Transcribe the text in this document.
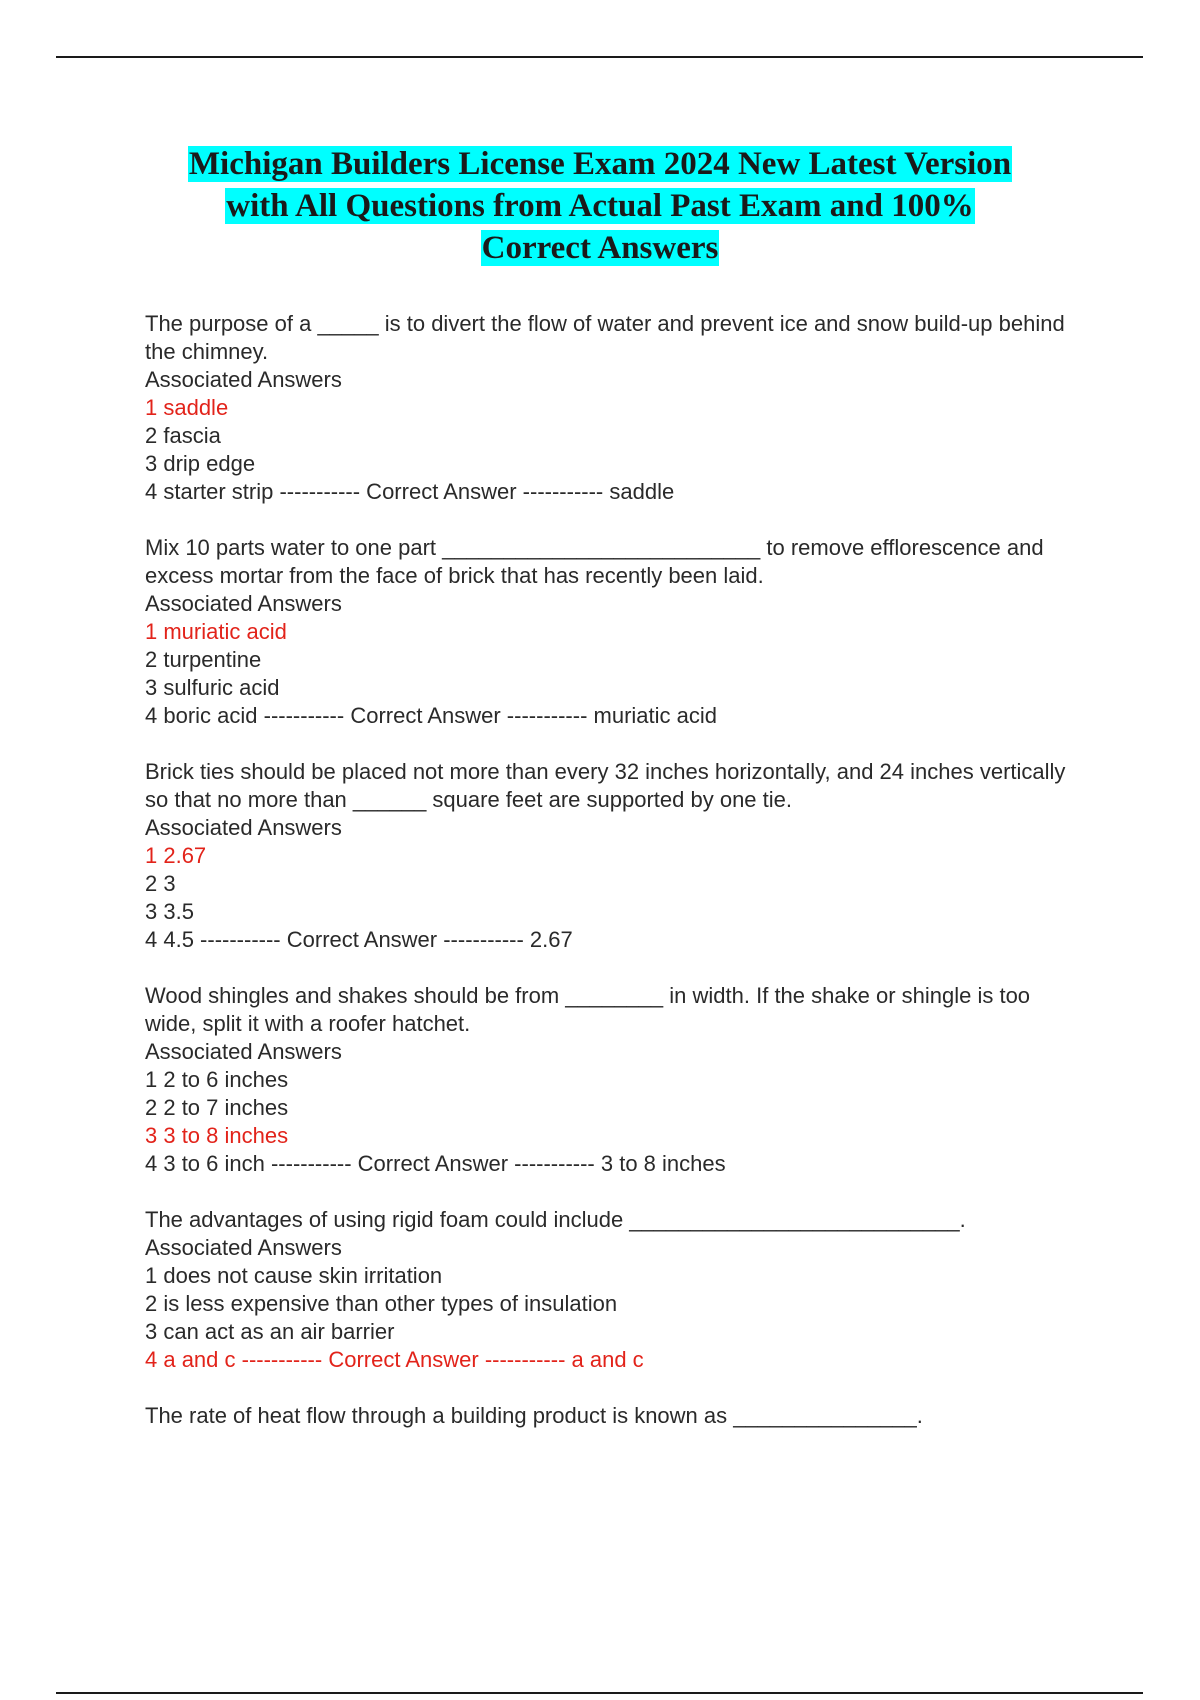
Michigan Builders License Exam 2024 New Latest Version
with All Questions from Actual Past Exam and 100%
Correct Answers

The purpose of a _____ is to divert the flow of water and prevent ice and snow build-up behind the chimney.

Associated Answers

1 saddle

2 fascia

3 drip edge

4 starter strip ----------- Correct Answer ----------- saddle

Mix 10 parts water to one part __________________________ to remove efflorescence and excess mortar from the face of brick that has recently been laid.

Associated Answers

1 muriatic acid

2 turpentine

3 sulfuric acid

4 boric acid ----------- Correct Answer ----------- muriatic acid

Brick ties should be placed not more than every 32 inches horizontally, and 24 inches vertically so that no more than ______ square feet are supported by one tie.

Associated Answers

1 2.67

2 3

3 3.5

4 4.5 ----------- Correct Answer ----------- 2.67

Wood shingles and shakes should be from ________ in width. If the shake or shingle is too wide, split it with a roofer hatchet.

Associated Answers

1 2 to 6 inches

2 2 to 7 inches

3 3 to 8 inches

4 3 to 6 inch ----------- Correct Answer ----------- 3 to 8 inches

The advantages of using rigid foam could include ___________________________.

Associated Answers

1 does not cause skin irritation

2 is less expensive than other types of insulation

3 can act as an air barrier

4 a and c ----------- Correct Answer ----------- a and c

The rate of heat flow through a building product is known as _______________.
